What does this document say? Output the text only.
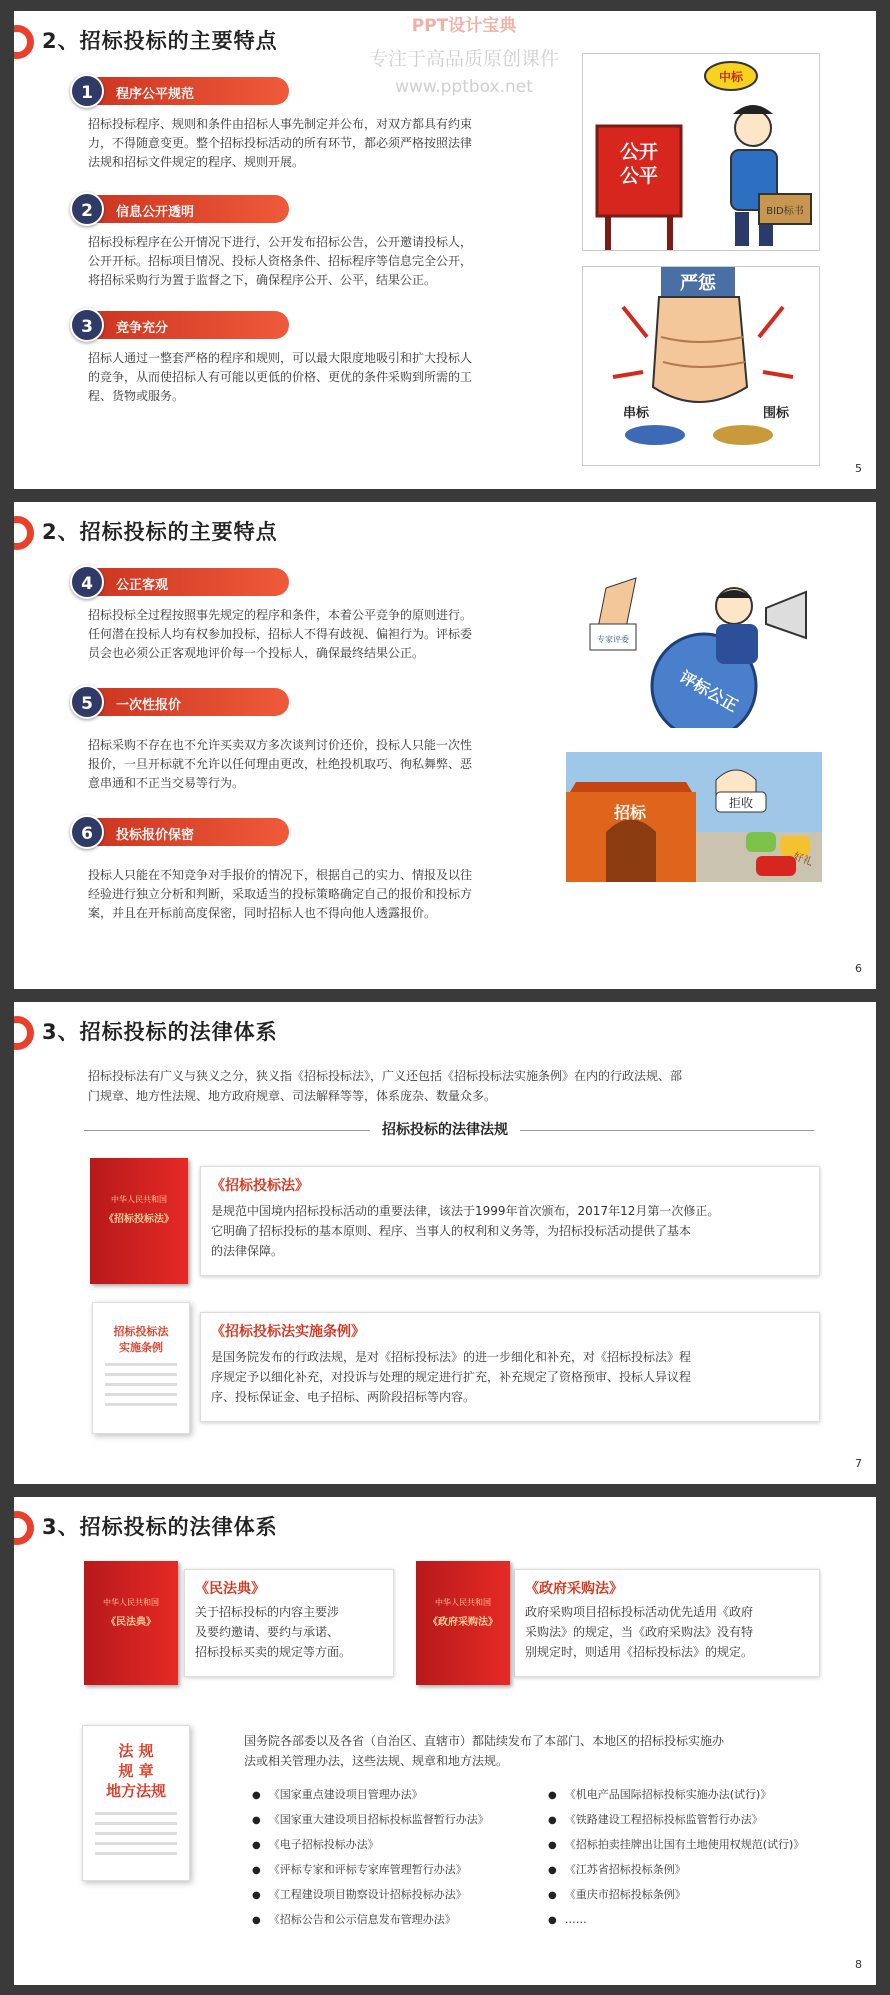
2、招标投标的主要特点
PPT设计宝典
专注于高品质原创课件
www.pptbox.net
1	程序公平规范
招标投标程序、规则和条件由招标人事先制定并公布，对双方都具有约束
力，不得随意变更。整个招标投标活动的所有环节，都必须严格按照法律
法规和招标文件规定的程序、规则开展。
2	信息公开透明
招标投标程序在公开情况下进行，公开发布招标公告，公开邀请投标人，
公开开标。招标项目情况、投标人资格条件、招标程序等信息完全公开，
将招标采购行为置于监督之下，确保程序公开、公平，结果公正。
3	竞争充分
招标人通过一整套严格的程序和规则，可以最大限度地吸引和扩大投标人
的竞争，从而使招标人有可能以更低的价格、更优的条件采购到所需的工
程、货物或服务。
公开
公平
BID标书
中标
严惩
串标	围标
5
2、招标投标的主要特点
4	公正客观
招标投标全过程按照事先规定的程序和条件，本着公平竞争的原则进行。
任何潜在投标人均有权参加投标，招标人不得有歧视、偏袒行为。评标委
员会也必须公正客观地评价每一个投标人，确保最终结果公正。
5	一次性报价
招标采购不存在也不允许买卖双方多次谈判讨价还价，投标人只能一次性
报价，一旦开标就不允许以任何理由更改，杜绝投机取巧、徇私舞弊、恶
意串通和不正当交易等行为。
6	投标报价保密
投标人只能在不知竞争对手报价的情况下，根据自己的实力、情报及以往
经验进行独立分析和判断，采取适当的投标策略确定自己的报价和投标方
案，并且在开标前高度保密，同时招标人也不得向他人透露报价。
专家评委
评标公正
招标	拒收
好礼
6
3、招标投标的法律体系
招标投标法有广义与狭义之分，狭义指《招标投标法》，广义还包括《招标投标法实施条例》在内的行政法规、部
门规章、地方性法规、地方政府规章、司法解释等等，体系庞杂、数量众多。
招标投标的法律法规
《招标投标法》
是规范中国境内招标投标活动的重要法律，该法于1999年首次颁布，2017年12月第一次修正。
它明确了招标投标的基本原则、程序、当事人的权利和义务等，为招标投标活动提供了基本
的法律保障。
中华人民共和国
《招标投标法》
《招标投标法实施条例》
是国务院发布的行政法规，是对《招标投标法》的进一步细化和补充，对《招标投标法》程
序规定予以细化补充，对投诉与处理的规定进行扩充，补充规定了资格预审、投标人异议程
序、投标保证金、电子招标、两阶段招标等内容。
招标投标法
实施条例
7
3、招标投标的法律体系
《民法典》
关于招标投标的内容主要涉
及要约邀请、要约与承诺、
招标投标买卖的规定等方面。
中华人民共和国
《民法典》
《政府采购法》
政府采购项目招标投标活动优先适用《政府
采购法》的规定，当《政府采购法》没有特
别规定时，则适用《招标投标法》的规定。
中华人民共和国
《政府采购法》
法 规
规 章
地方法规
国务院各部委以及各省（自治区、直辖市）都陆续发布了本部门、本地区的招标投标实施办
法或相关管理办法，这些法规、规章和地方法规。
● 《国家重点建设项目管理办法》
● 《国家重大建设项目招标投标监督暂行办法》
● 《电子招标投标办法》
● 《评标专家和评标专家库管理暂行办法》
● 《工程建设项目勘察设计招标投标办法》
● 《招标公告和公示信息发布管理办法》
● 《机电产品国际招标投标实施办法(试行)》
● 《铁路建设工程招标投标监管暂行办法》
● 《招标拍卖挂牌出让国有土地使用权规范(试行)》
● 《江苏省招标投标条例》
● 《重庆市招标投标条例》
● ……
8
